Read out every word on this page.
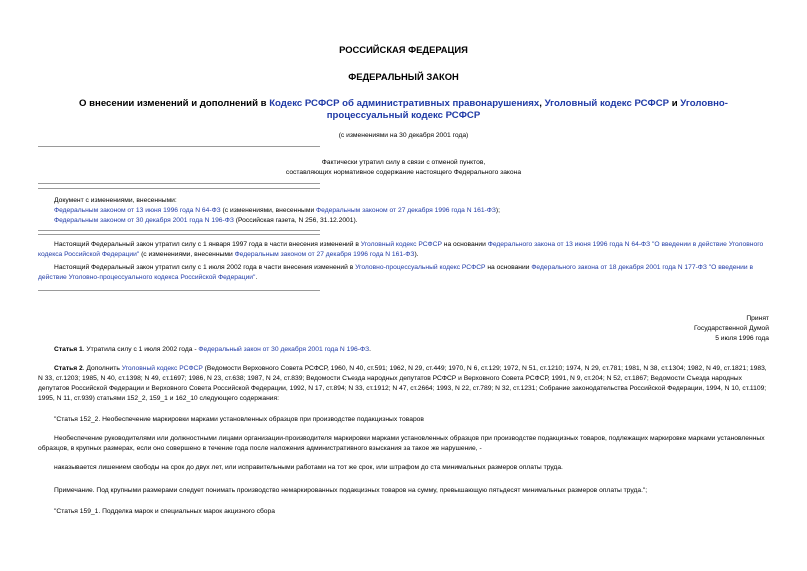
РОССИЙСКАЯ ФЕДЕРАЦИЯ
ФЕДЕРАЛЬНЫЙ ЗАКОН
О внесении изменений и дополнений в Кодекс РСФСР об административных правонарушениях, Уголовный кодекс РСФСР и Уголовно-процессуальный кодекс РСФСР
(с изменениями на 30 декабря 2001 года)
Фактически утратил силу в связи с отменой пунктов,
составляющих нормативное содержание настоящего Федерального закона
Документ с изменениями, внесенными:
Федеральным законом от 13 июня 1996 года N 64-ФЗ (с изменениями, внесенными Федеральным законом от 27 декабря 1996 года N 161-ФЗ);
Федеральным законом от 30 декабря 2001 года N 196-ФЗ (Российская газета, N 256, 31.12.2001).
Настоящий Федеральный закон утратил силу с 1 января 1997 года в части внесения изменений в Уголовный кодекс РСФСР на основании Федерального закона от 13 июня 1996 года N 64-ФЗ "О введении в действие Уголовного кодекса Российской Федерации" (с изменениями, внесенными Федеральным законом от 27 декабря 1996 года N 161-ФЗ).
Настоящий Федеральный закон утратил силу с 1 июля 2002 года в части внесения изменений в Уголовно-процессуальный кодекс РСФСР на основании Федерального закона от 18 декабря 2001 года N 177-ФЗ "О введении в действие Уголовно-процессуального кодекса Российской Федерации".
Принят
Государственной Думой
5 июля 1996 года
Статья 1. Утратила силу с 1 июля 2002 года - Федеральный закон от 30 декабря 2001 года N 196-ФЗ.
Статья 2. Дополнить Уголовный кодекс РСФСР (Ведомости Верховного Совета РСФСР, 1960, N 40, ст.591; 1962, N 29, ст.449; 1970, N 6, ст.129; 1972, N 51, ст.1210; 1974, N 29, ст.781; 1981, N 38, ст.1304; 1982, N 49, ст.1821; 1983, N 33, ст.1203; 1985, N 40, ст.1398; N 49, ст.1697; 1986, N 23, ст.638; 1987, N 24, ст.839; Ведомости Съезда народных депутатов РСФСР и Верховного Совета РСФСР, 1991, N 9, ст.204; N 52, ст.1867; Ведомости Съезда народных депутатов Российской Федерации и Верховного Совета Российской Федерации, 1992, N 17, ст.894; N 33, ст.1912; N 47, ст.2664; 1993, N 22, ст.789; N 32, ст.1231; Собрание законодательства Российской Федерации, 1994, N 10, ст.1109; 1995, N 11, ст.939) статьями 152_2, 159_1 и 162_10 следующего содержания:
"Статья 152_2. Необеспечение маркировки марками установленных образцов при производстве подакцизных товаров
Необеспечение руководителями или должностными лицами организации-производителя маркировки марками установленных образцов при производстве подакцизных товаров, подлежащих маркировке марками установленных образцов, в крупных размерах, если оно совершено в течение года после наложения административного взыскания за такое же нарушение, -
наказывается лишением свободы на срок до двух лет, или исправительными работами на тот же срок, или штрафом до ста минимальных размеров оплаты труда.
Примечание. Под крупными размерами следует понимать производство немаркированных подакцизных товаров на сумму, превышающую пятьдесят минимальных размеров оплаты труда.";
"Статья 159_1. Подделка марок и специальных марок акцизного сбора
